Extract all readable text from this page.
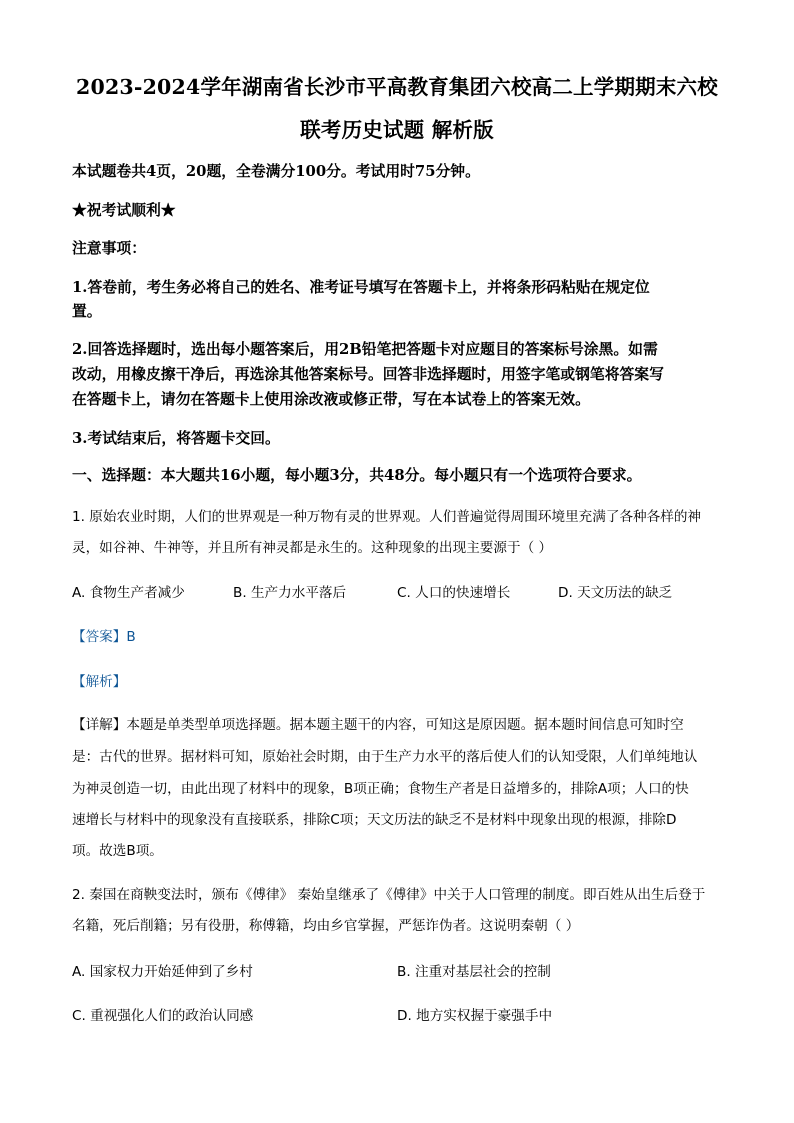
2023-2024学年湖南省长沙市平高教育集团六校高二上学期期末六校
联考历史试题 解析版
本试题卷共4页，20题，全卷满分100分。考试用时75分钟。
★祝考试顺利★
注意事项：
1.答卷前，考生务必将自己的姓名、准考证号填写在答题卡上，并将条形码粘贴在规定位
置。
2.回答选择题时，选出每小题答案后，用2B铅笔把答题卡对应题目的答案标号涂黑。如需
改动，用橡皮擦干净后，再选涂其他答案标号。回答非选择题时，用签字笔或钢笔将答案写
在答题卡上，请勿在答题卡上使用涂改液或修正带，写在本试卷上的答案无效。
3.考试结束后，将答题卡交回。
一、选择题：本大题共16小题，每小题3分，共48分。每小题只有一个选项符合要求。
1. 原始农业时期，人们的世界观是一种万物有灵的世界观。人们普遍觉得周围环境里充满了各种各样的神
灵，如谷神、牛神等，并且所有神灵都是永生的。这种现象的出现主要源于（ ）
A. 食物生产者减少	B. 生产力水平落后	C. 人口的快速增长	D. 天文历法的缺乏
【答案】B
【解析】
【详解】本题是单类型单项选择题。据本题主题干的内容，可知这是原因题。据本题时间信息可知时空
是：古代的世界。据材料可知，原始社会时期，由于生产力水平的落后使人们的认知受限，人们单纯地认
为神灵创造一切，由此出现了材料中的现象，B项正确；食物生产者是日益增多的，排除A项；人口的快
速增长与材料中的现象没有直接联系，排除C项；天文历法的缺乏不是材料中现象出现的根源，排除D
项。故选B项。
2. 秦国在商鞅变法时，颁布《傅律》 秦始皇继承了《傅律》中关于人口管理的制度。即百姓从出生后登于
名籍，死后削籍；另有役册，称傅籍，均由乡官掌握，严惩诈伪者。这说明秦朝（ ）
A. 国家权力开始延伸到了乡村	B. 注重对基层社会的控制
C. 重视强化人们的政治认同感	D. 地方实权握于豪强手中
